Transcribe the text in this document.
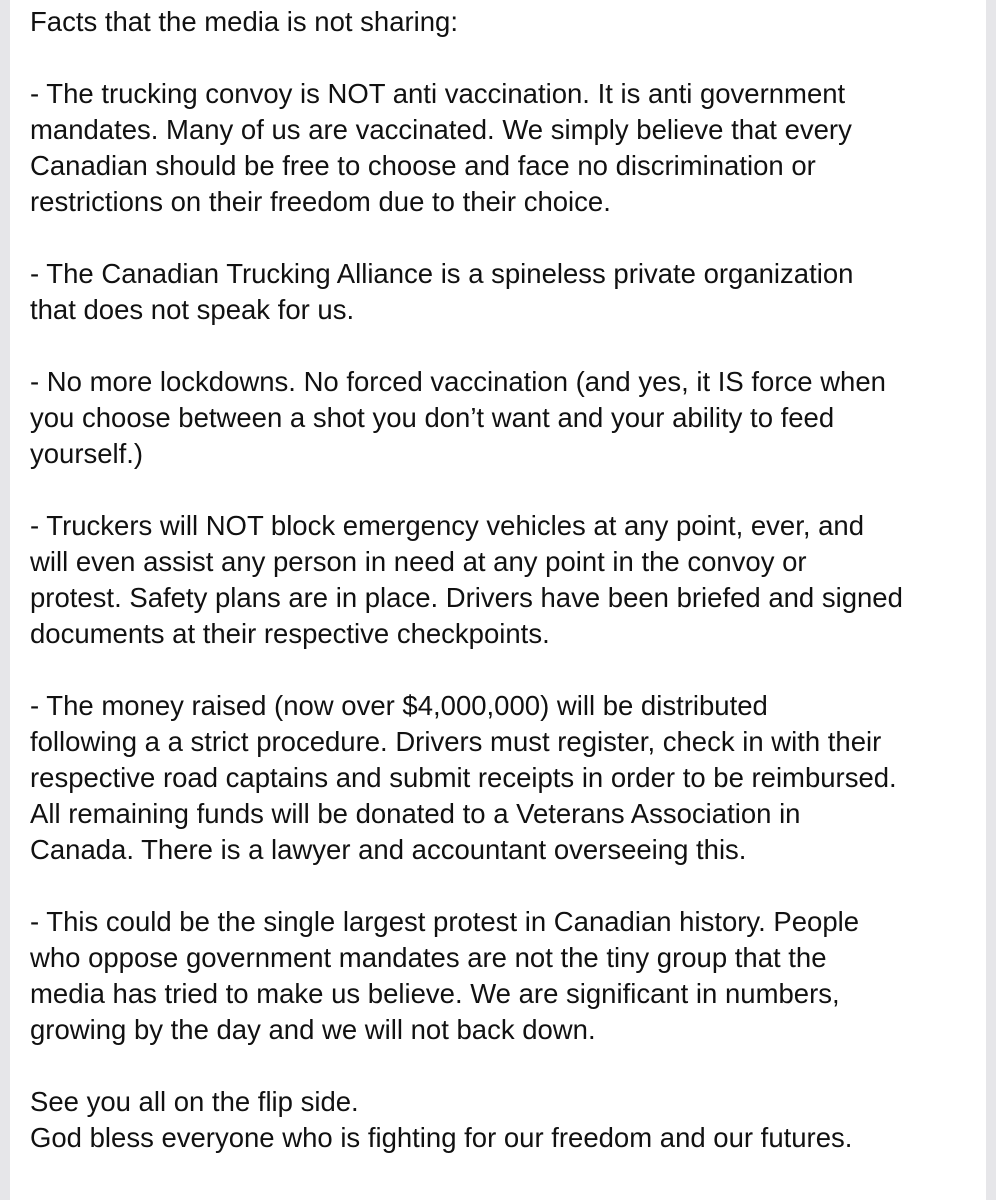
Facts that the media is not sharing:
- The trucking convoy is NOT anti vaccination. It is anti government
mandates. Many of us are vaccinated. We simply believe that every
Canadian should be free to choose and face no discrimination or
restrictions on their freedom due to their choice.
- The Canadian Trucking Alliance is a spineless private organization
that does not speak for us.
- No more lockdowns. No forced vaccination (and yes, it IS force when
you choose between a shot you don’t want and your ability to feed
yourself.)
- Truckers will NOT block emergency vehicles at any point, ever, and
will even assist any person in need at any point in the convoy or
protest. Safety plans are in place. Drivers have been briefed and signed
documents at their respective checkpoints.
- The money raised (now over $4,000,000) will be distributed
following a a strict procedure. Drivers must register, check in with their
respective road captains and submit receipts in order to be reimbursed.
All remaining funds will be donated to a Veterans Association in
Canada. There is a lawyer and accountant overseeing this.
- This could be the single largest protest in Canadian history. People
who oppose government mandates are not the tiny group that the
media has tried to make us believe. We are significant in numbers,
growing by the day and we will not back down.
See you all on the flip side.
God bless everyone who is fighting for our freedom and our futures.
